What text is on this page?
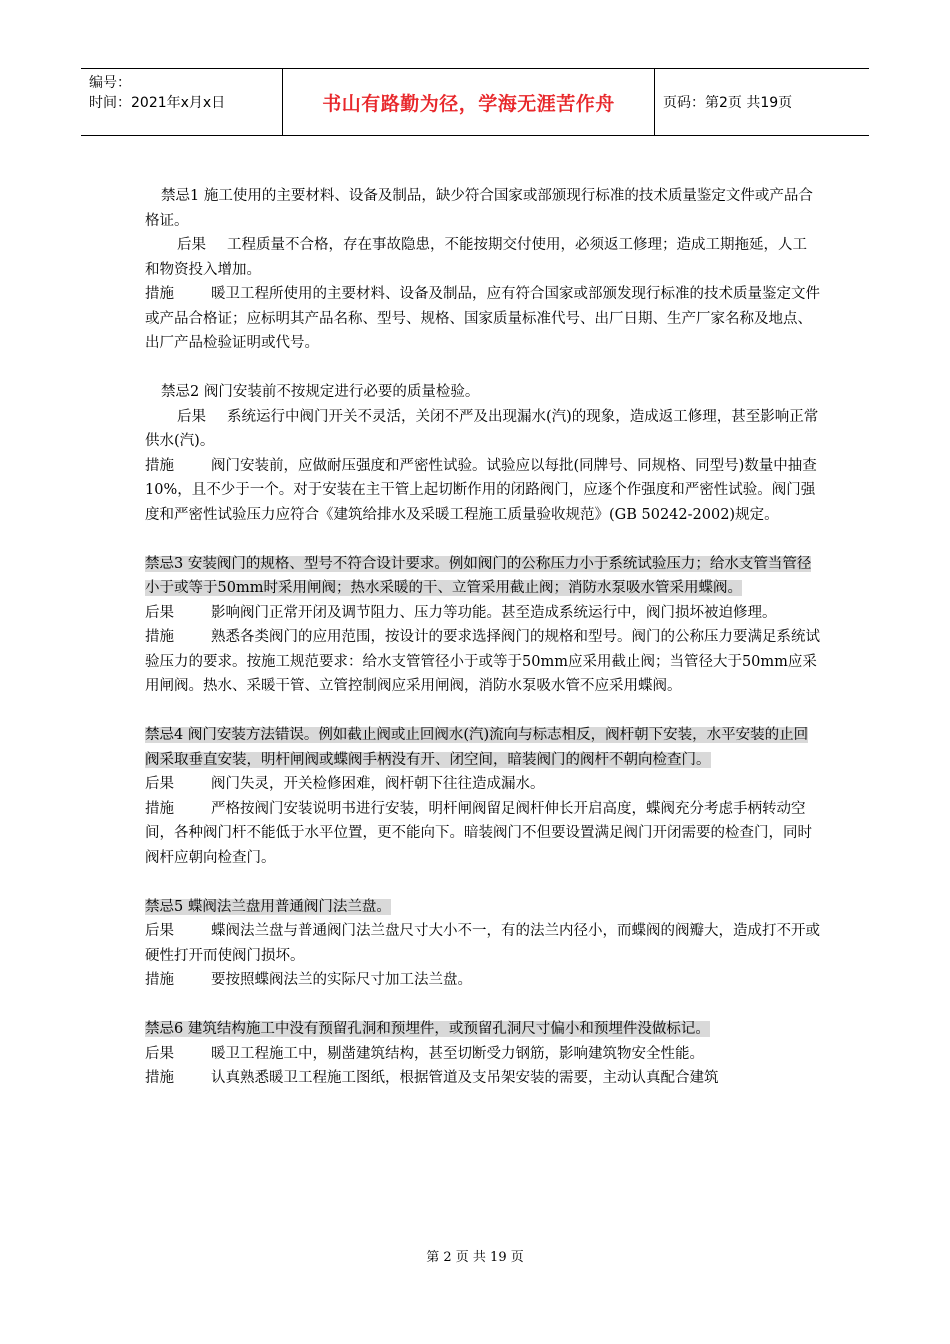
编号：
时间：2021年x月x日	书山有路勤为径，学海无涯苦作舟	页码：第2页 共19页
禁忌1 施工使用的主要材料、设备及制品，缺少符合国家或部颁现行标准的技术质量鉴定文件或产品合格证。
后果 工程质量不合格，存在事故隐患，不能按期交付使用，必须返工修理；造成工期拖延，人工和物资投入增加。
措施	暖卫工程所使用的主要材料、设备及制品，应有符合国家或部颁发现行标准的技术质量鉴定文件或产品合格证；应标明其产品名称、型号、规格、国家质量标准代号、出厂日期、生产厂家名称及地点、出厂产品检验证明或代号。
禁忌2 阀门安装前不按规定进行必要的质量检验。
后果 系统运行中阀门开关不灵活，关闭不严及出现漏水(汽)的现象，造成返工修理，甚至影响正常供水(汽)。
措施	阀门安装前，应做耐压强度和严密性试验。试验应以每批(同牌号、同规格、同型号)数量中抽查10%，且不少于一个。对于安装在主干管上起切断作用的闭路阀门，应逐个作强度和严密性试验。阀门强度和严密性试验压力应符合《建筑给排水及采暖工程施工质量验收规范》(GB 50242-2002)规定。
禁忌3 安装阀门的规格、型号不符合设计要求。例如阀门的公称压力小于系统试验压力；给水支管当管径小于或等于50mm时采用闸阀；热水采暖的干、立管采用截止阀；消防水泵吸水管采用蝶阀。
后果	影响阀门正常开闭及调节阻力、压力等功能。甚至造成系统运行中，阀门损坏被迫修理。
措施	熟悉各类阀门的应用范围，按设计的要求选择阀门的规格和型号。阀门的公称压力要满足系统试验压力的要求。按施工规范要求：给水支管管径小于或等于50mm应采用截止阀；当管径大于50mm应采用闸阀。热水、采暖干管、立管控制阀应采用闸阀，消防水泵吸水管不应采用蝶阀。
禁忌4 阀门安装方法错误。例如截止阀或止回阀水(汽)流向与标志相反，阀杆朝下安装，水平安装的止回阀采取垂直安装，明杆闸阀或蝶阀手柄没有开、闭空间，暗装阀门的阀杆不朝向检查门。
后果	阀门失灵，开关检修困难，阀杆朝下往往造成漏水。
措施	严格按阀门安装说明书进行安装，明杆闸阀留足阀杆伸长开启高度，蝶阀充分考虑手柄转动空间，各种阀门杆不能低于水平位置，更不能向下。暗装阀门不但要设置满足阀门开闭需要的检查门，同时阀杆应朝向检查门。
禁忌5 蝶阀法兰盘用普通阀门法兰盘。
后果	蝶阀法兰盘与普通阀门法兰盘尺寸大小不一，有的法兰内径小，而蝶阀的阀瓣大，造成打不开或硬性打开而使阀门损坏。
措施	要按照蝶阀法兰的实际尺寸加工法兰盘。
禁忌6 建筑结构施工中没有预留孔洞和预埋件，或预留孔洞尺寸偏小和预埋件没做标记。
后果	暖卫工程施工中，剔凿建筑结构，甚至切断受力钢筋，影响建筑物安全性能。
措施	认真熟悉暖卫工程施工图纸，根据管道及支吊架安装的需要，主动认真配合建筑
第 2 页 共 19 页
